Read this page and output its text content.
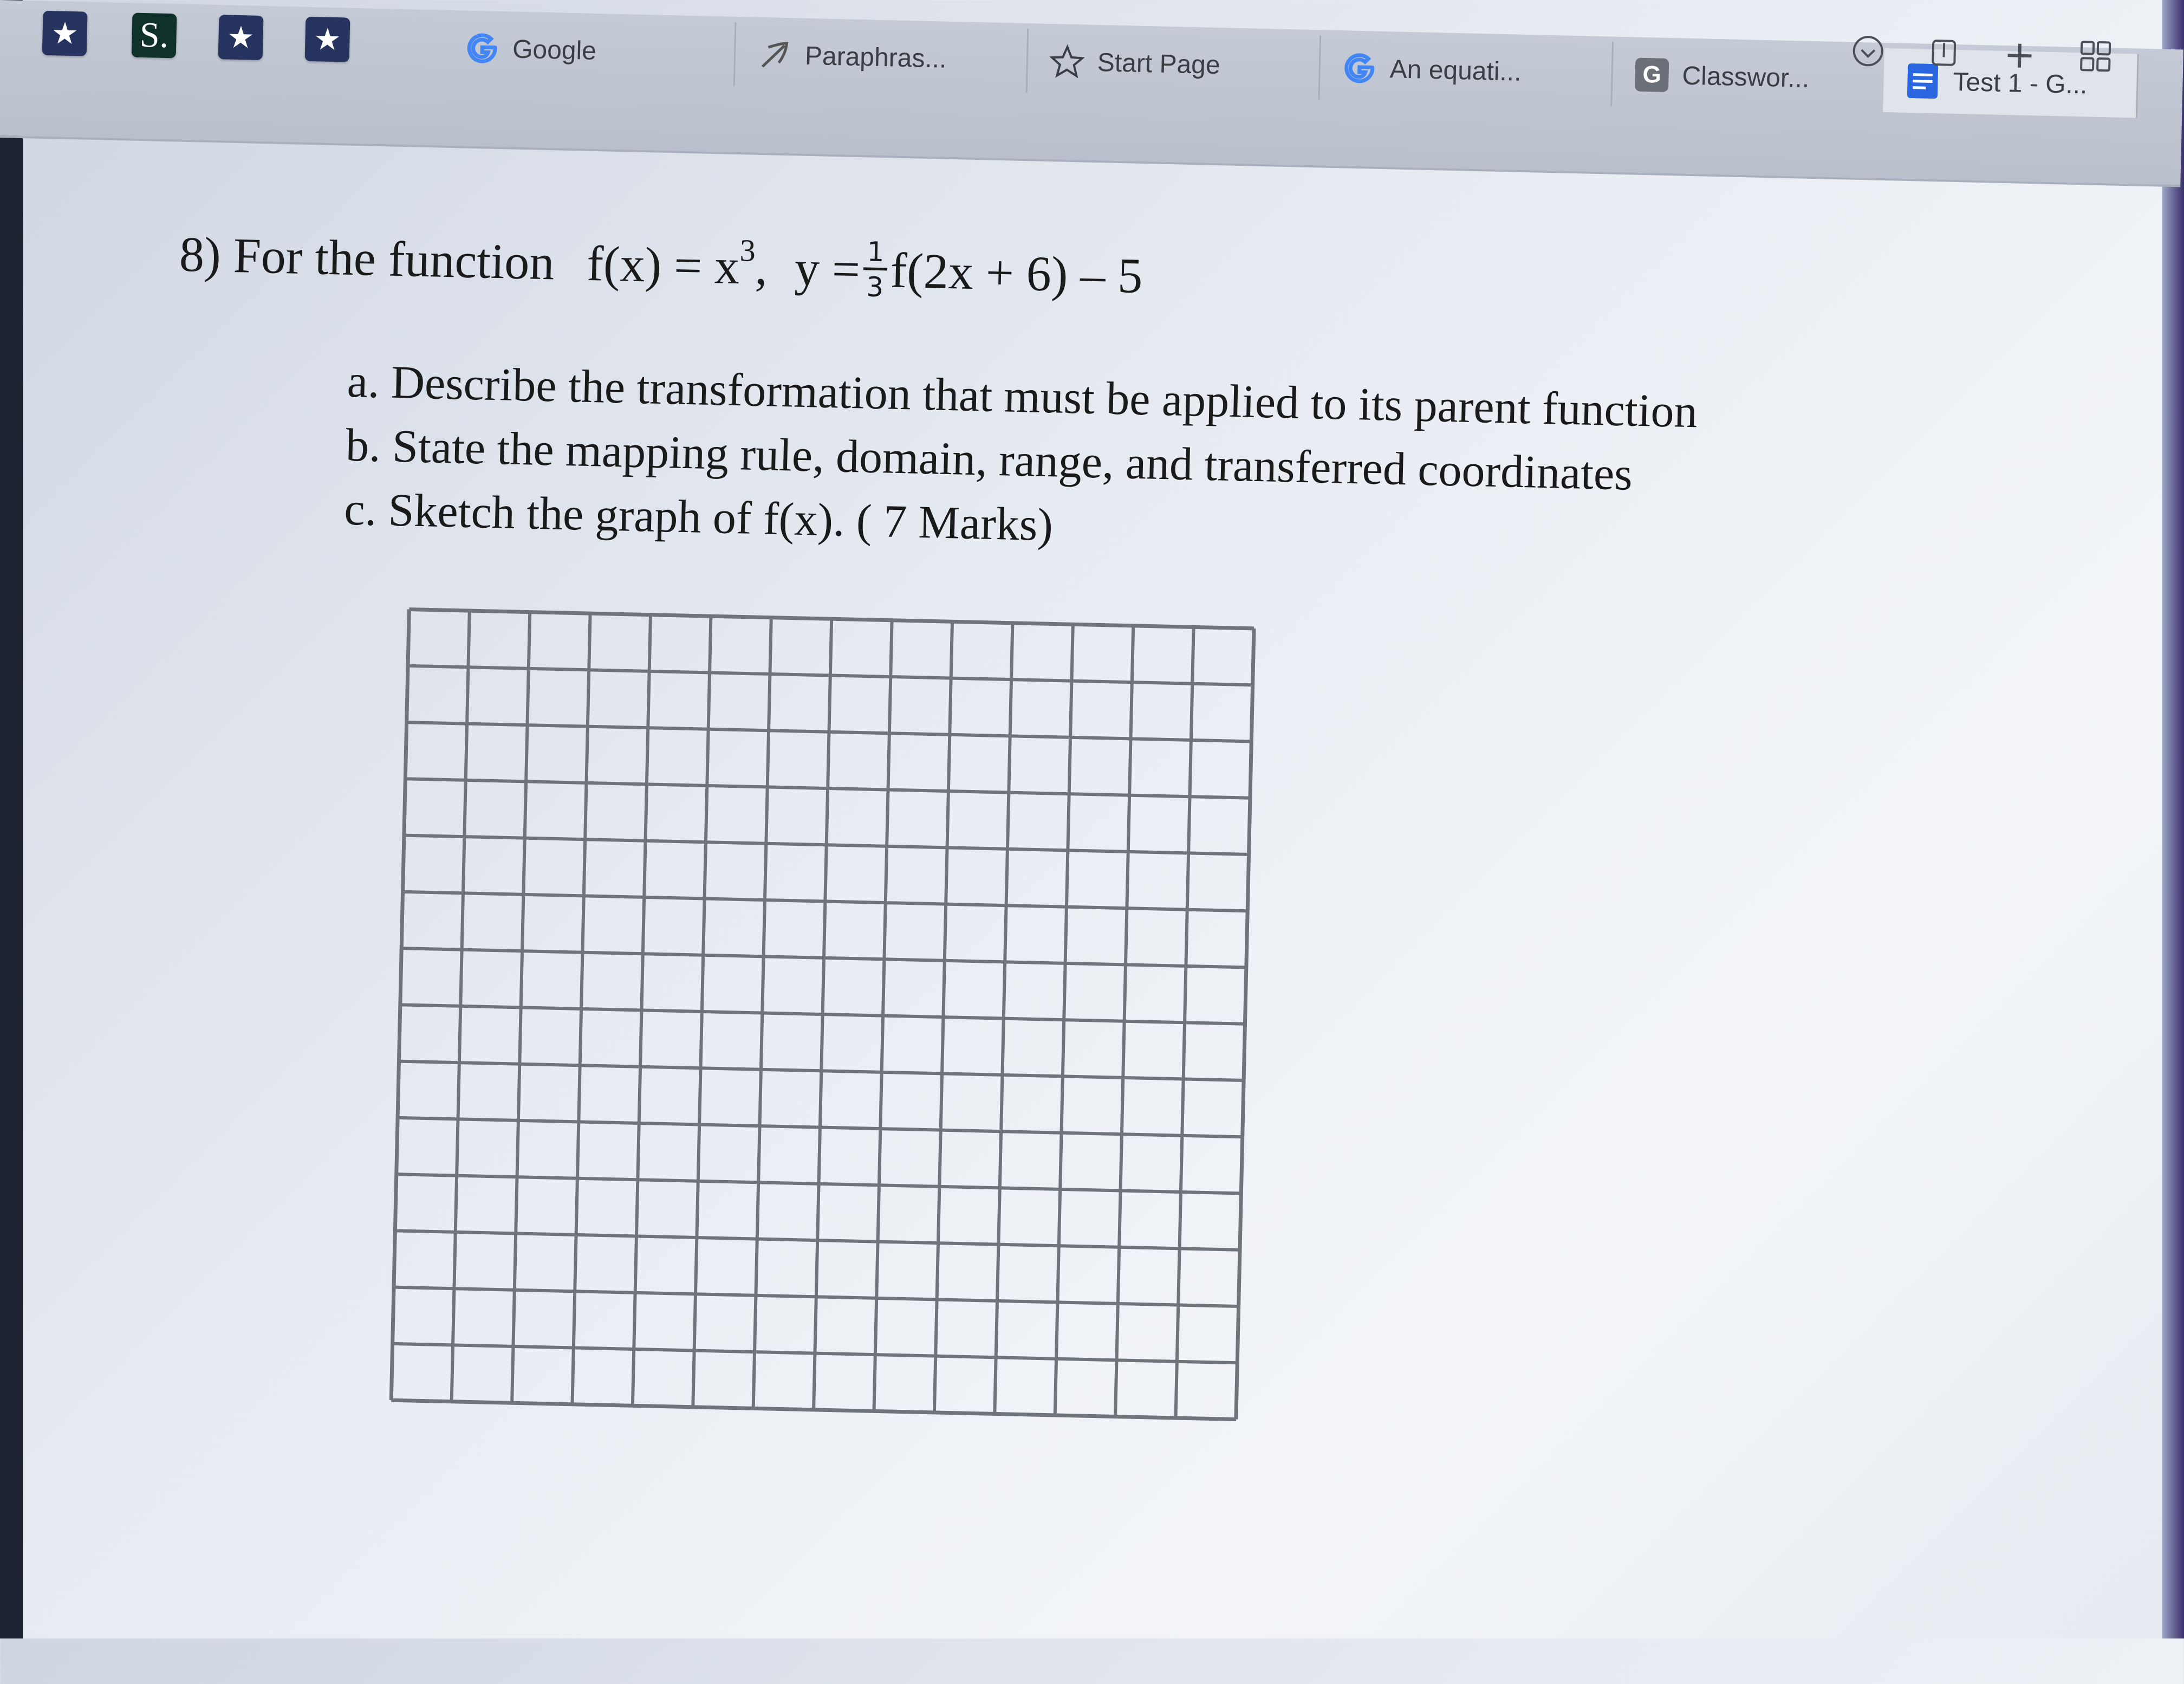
★ S. ★ ★	Google	Paraphras...	Start Page	An equati...	G Classwor...	Test 1 - G...
+
8) For the function f(x) = x
3
, $y = \frac{1}{3} f(2x + 6) - 5$
a. Describe the transformation that must be applied to its parent function
b. State the mapping rule, domain, range, and transferred coordinates
c. Sketch the graph of f(x). ( 7 Marks)
